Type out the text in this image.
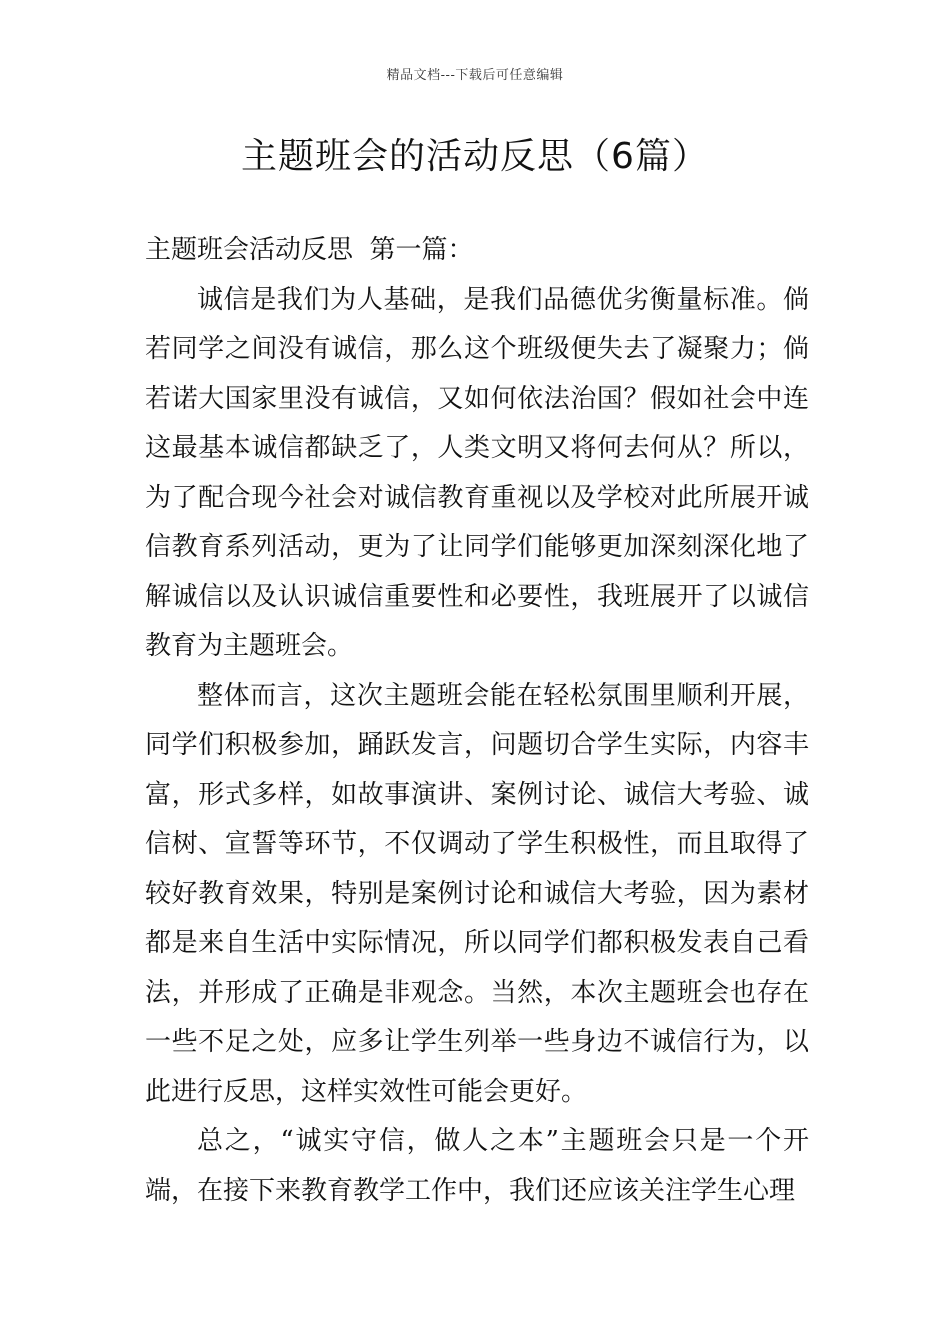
精品文档---下载后可任意编辑
主题班会的活动反思（6篇）

主题班会活动反思  第一篇：

诚信是我们为人基础，是我们品德优劣衡量标准。倘若同学之间没有诚信，那么这个班级便失去了凝聚力；倘若诺大国家里没有诚信，又如何依法治国？假如社会中连这最基本诚信都缺乏了，人类文明又将何去何从？所以，为了配合现今社会对诚信教育重视以及学校对此所展开诚信教育系列活动，更为了让同学们能够更加深刻深化地了解诚信以及认识诚信重要性和必要性，我班展开了以诚信教育为主题班会。

整体而言，这次主题班会能在轻松氛围里顺利开展，同学们积极参加，踊跃发言，问题切合学生实际，内容丰富，形式多样，如故事演讲、案例讨论、诚信大考验、诚信树、宣誓等环节，不仅调动了学生积极性，而且取得了较好教育效果，特别是案例讨论和诚信大考验，因为素材都是来自生活中实际情况，所以同学们都积极发表自己看法，并形成了正确是非观念。当然，本次主题班会也存在一些不足之处，应多让学生列举一些身边不诚信行为，以此进行反思，这样实效性可能会更好。

总之，“诚实守信，做人之本”主题班会只是一个开端，在接下来教育教学工作中，我们还应该关注学生心理
